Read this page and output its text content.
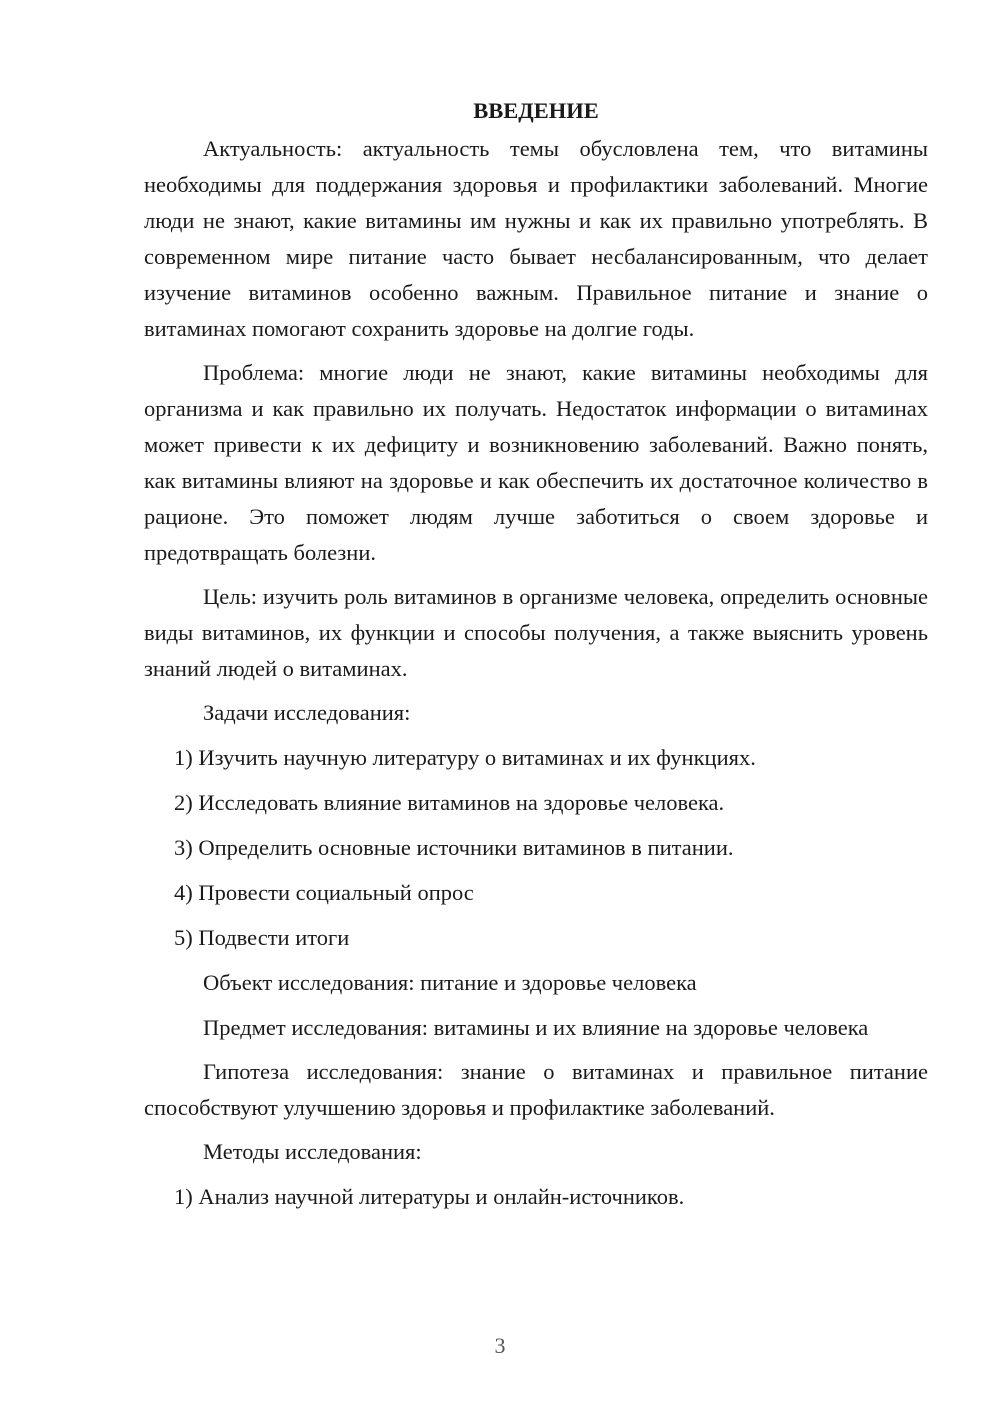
ВВЕДЕНИЕ

Актуальность: актуальность темы обусловлена тем, что витамины необходимы для поддержания здоровья и профилактики заболеваний. Многие люди не знают, какие витамины им нужны и как их правильно употреблять. В современном мире питание часто бывает несбалансированным, что делает изучение витаминов особенно важным. Правильное питание и знание о витаминах помогают сохранить здоровье на долгие годы.

Проблема: многие люди не знают, какие витамины необходимы для организма и как правильно их получать. Недостаток информации о витаминах может привести к их дефициту и возникновению заболеваний. Важно понять, как витамины влияют на здоровье и как обеспечить их достаточное количество в рационе. Это поможет людям лучше заботиться о своем здоровье и предотвращать болезни.

Цель: изучить роль витаминов в организме человека, определить основные виды витаминов, их функции и способы получения, а также выяснить уровень знаний людей о витаминах.

Задачи исследования:

1) Изучить научную литературу о витаминах и их функциях.

2) Исследовать влияние витаминов на здоровье человека.

3) Определить основные источники витаминов в питании.

4) Провести социальный опрос

5) Подвести итоги

Объект исследования: питание и здоровье человека

Предмет исследования: витамины и их влияние на здоровье человека

Гипотеза исследования: знание о витаминах и правильное питание способствуют улучшению здоровья и профилактике заболеваний.

Методы исследования:

1) Анализ научной литературы и онлайн-источников.

3
